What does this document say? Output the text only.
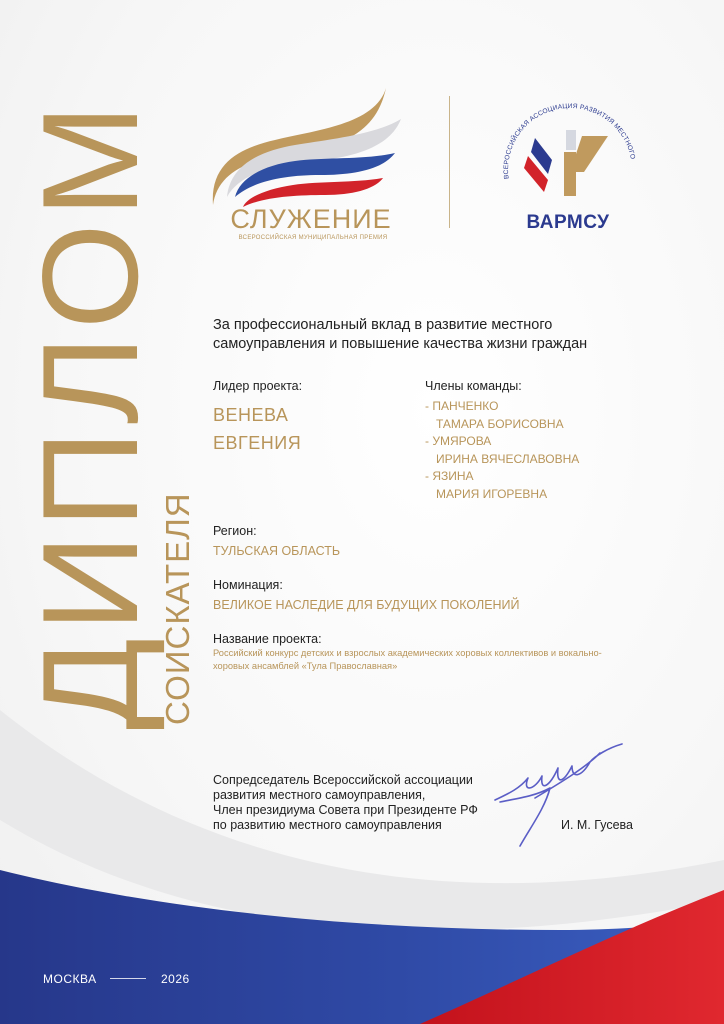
ДИПЛОМ
СОИСКАТЕЛЯ
СЛУЖЕНИЕ
ВСЕРОССИЙСКАЯ МУНИЦИПАЛЬНАЯ ПРЕМИЯ
ВСЕРОССИЙСКАЯ АССОЦИАЦИЯ РАЗВИТИЯ МЕСТНОГО
ВАРМСУ
За профессиональный вклад в развитие местного
самоуправления и повышение качества жизни граждан
Лидер проекта:
ВЕНЕВА
ЕВГЕНИЯ
Члены команды:
- ПАНЧЕНКО
ТАМАРА БОРИСОВНА
- УМЯРОВА
ИРИНА ВЯЧЕСЛАВОВНА
- ЯЗИНА
МАРИЯ ИГОРЕВНА
Регион:
ТУЛЬСКАЯ ОБЛАСТЬ
Номинация:
ВЕЛИКОЕ НАСЛЕДИЕ ДЛЯ БУДУЩИХ ПОКОЛЕНИЙ
Название проекта:
Российский конкурс детских и взрослых академических хоровых коллективов и вокально-
хоровых ансамблей «Тула Православная»
Сопредседатель Всероссийской ассоциации
развития местного самоуправления,
Член президиума Совета при Президенте РФ
по развитию местного самоуправления	И. М. Гусева
МОСКВА	2026
